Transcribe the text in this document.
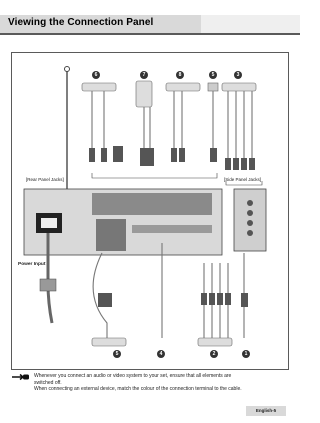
Viewing the Connection Panel
6	7	8	5	3
5	4	2	1
[Rear Panel Jacks]	[Side Panel Jacks]
Power Input

Whenever you connect an audio or video system to your set, ensure that all elements are

switched off.

When connecting an external device, match the colour of the connection terminal to the cable.

English-5
